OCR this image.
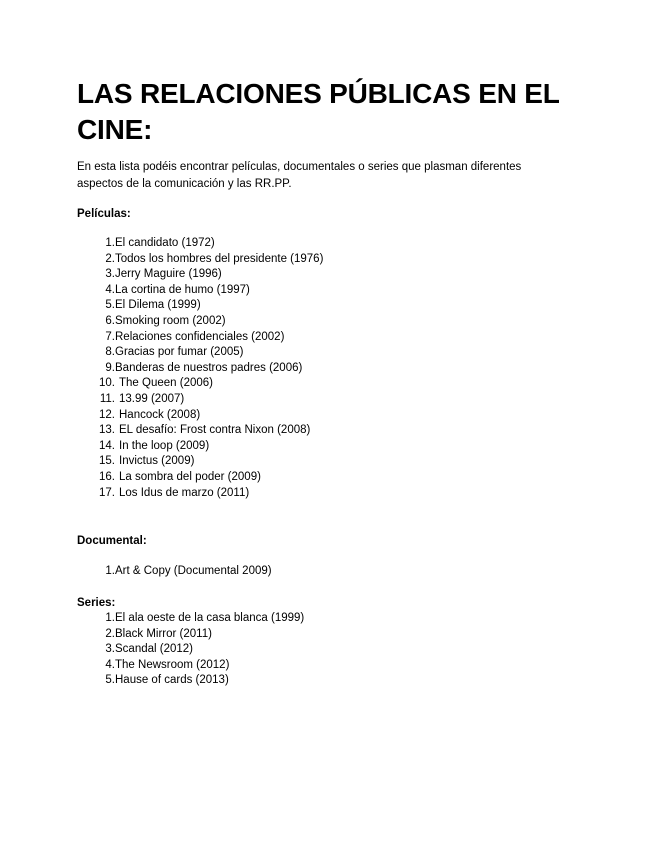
LAS RELACIONES PÚBLICAS EN EL CINE:

En esta lista podéis encontrar películas, documentales o series que plasman diferentes aspectos de la comunicación y las RR.PP.

Películas:
1. El candidato (1972)
2. Todos los hombres del presidente (1976)
3. Jerry Maguire (1996)
4. La cortina de humo (1997)
5. El Dilema (1999)
6. Smoking room (2002)
7. Relaciones confidenciales (2002)
8. Gracias por fumar (2005)
9. Banderas de nuestros padres (2006)
10. The Queen (2006)
11. 13.99 (2007)
12. Hancock (2008)
13. EL desafío: Frost contra Nixon (2008)
14. In the loop (2009)
15. Invictus (2009)
16. La sombra del poder (2009)
17. Los Idus de marzo (2011)
Documental:
1. Art & Copy (Documental 2009)
Series:
1. El ala oeste de la casa blanca (1999)
2. Black Mirror (2011)
3. Scandal (2012)
4. The Newsroom (2012)
5. Hause of cards (2013)
